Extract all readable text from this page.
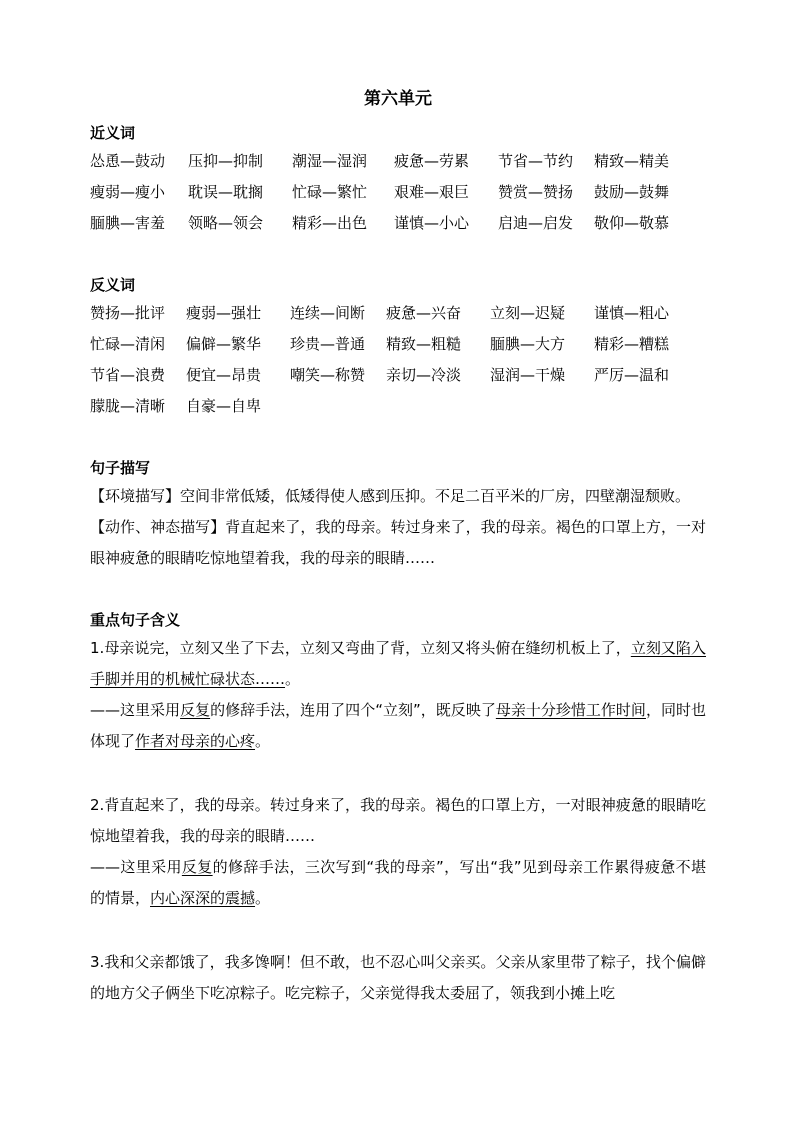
第六单元
近义词
怂恿—鼓动	压抑—抑制	潮湿—湿润	疲惫—劳累	节省—节约	精致—精美
瘦弱—瘦小	耽误—耽搁	忙碌—繁忙	艰难—艰巨	赞赏—赞扬	鼓励—鼓舞
腼腆—害羞	领略—领会	精彩—出色	谨慎—小心	启迪—启发	敬仰—敬慕
反义词
赞扬—批评	瘦弱—强壮	连续—间断	疲惫—兴奋	立刻—迟疑	谨慎—粗心
忙碌—清闲	偏僻—繁华	珍贵—普通	精致—粗糙	腼腆—大方	精彩—糟糕
节省—浪费	便宜—昂贵	嘲笑—称赞	亲切—冷淡	湿润—干燥	严厉—温和
朦胧—清晰	自豪—自卑
句子描写
【环境描写】空间非常低矮，低矮得使人感到压抑。不足二百平米的厂房，四壁潮湿颓败。
【动作、神态描写】背直起来了，我的母亲。转过身来了，我的母亲。褐色的口罩上方，一对眼神疲惫的眼睛吃惊地望着我，我的母亲的眼睛……
重点句子含义
1.母亲说完，立刻又坐了下去，立刻又弯曲了背，立刻又将头俯在缝纫机板上了，立刻又陷入手脚并用的机械忙碌状态……。
——这里采用反复的修辞手法，连用了四个“立刻”，既反映了母亲十分珍惜工作时间，同时也体现了作者对母亲的心疼。
2.背直起来了，我的母亲。转过身来了，我的母亲。褐色的口罩上方，一对眼神疲惫的眼睛吃惊地望着我，我的母亲的眼睛……
——这里采用反复的修辞手法，三次写到“我的母亲”，写出“我”见到母亲工作累得疲惫不堪的情景，内心深深的震撼。
3.我和父亲都饿了，我多馋啊！但不敢，也不忍心叫父亲买。父亲从家里带了粽子，找个偏僻的地方父子俩坐下吃凉粽子。吃完粽子，父亲觉得我太委屈了，领我到小摊上吃
